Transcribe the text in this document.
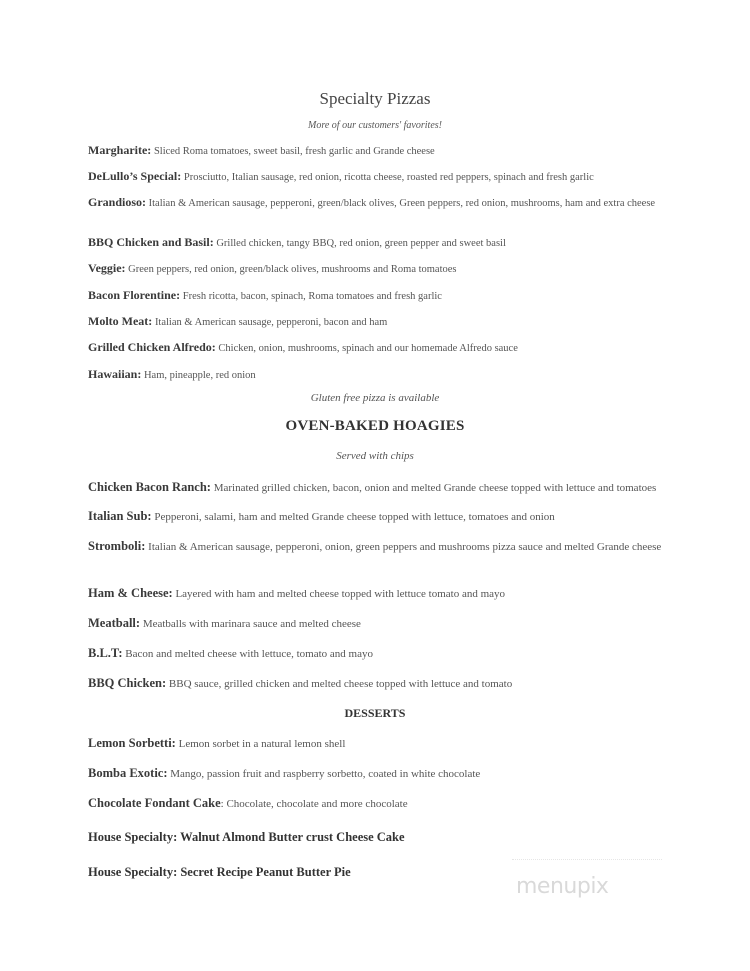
Specialty Pizzas
More of our customers' favorites!
Margharite: Sliced Roma tomatoes, sweet basil, fresh garlic and Grande cheese
DeLullo’s Special: Prosciutto, Italian sausage, red onion, ricotta cheese, roasted red peppers, spinach and fresh garlic
Grandioso: Italian & American sausage, pepperoni, green/black olives, Green peppers, red onion, mushrooms, ham and extra cheese
BBQ Chicken and Basil: Grilled chicken, tangy BBQ, red onion, green pepper and sweet basil
Veggie: Green peppers, red onion, green/black olives, mushrooms and Roma tomatoes
Bacon Florentine: Fresh ricotta, bacon, spinach, Roma tomatoes and fresh garlic
Molto Meat: Italian & American sausage, pepperoni, bacon and ham
Grilled Chicken Alfredo: Chicken, onion, mushrooms, spinach and our homemade Alfredo sauce
Hawaiian: Ham, pineapple, red onion
Gluten free pizza is available
OVEN-BAKED HOAGIES
Served with chips
Chicken Bacon Ranch: Marinated grilled chicken, bacon, onion and melted Grande cheese topped with lettuce and tomatoes
Italian Sub: Pepperoni, salami, ham and melted Grande cheese topped with lettuce, tomatoes and onion
Stromboli: Italian & American sausage, pepperoni, onion, green peppers and mushrooms pizza sauce and melted Grande cheese
Ham & Cheese: Layered with ham and melted cheese topped with lettuce tomato and mayo
Meatball: Meatballs with marinara sauce and melted cheese
B.L.T: Bacon and melted cheese with lettuce, tomato and mayo
BBQ Chicken: BBQ sauce, grilled chicken and melted cheese topped with lettuce and tomato
DESSERTS
Lemon Sorbetti: Lemon sorbet in a natural lemon shell
Bomba Exotic: Mango, passion fruit and raspberry sorbetto, coated in white chocolate
Chocolate Fondant Cake: Chocolate, chocolate and more chocolate
House Specialty: Walnut Almond Butter crust Cheese Cake
House Specialty: Secret Recipe Peanut Butter Pie
menupix
